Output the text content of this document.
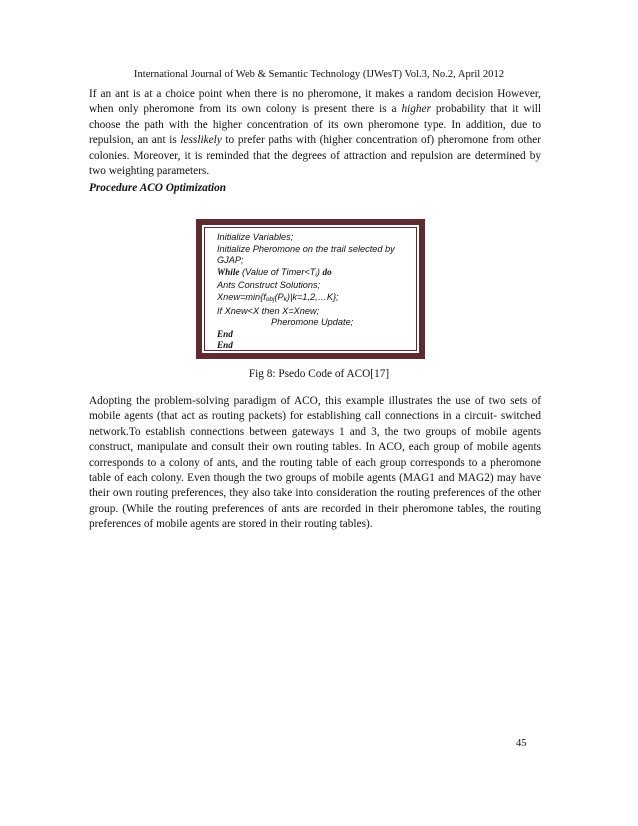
International Journal of Web & Semantic Technology (IJWesT) Vol.3, No.2, April 2012

If an ant is at a choice point when there is no pheromone, it makes a random decision However, when only pheromone from its own colony is present there is a higher probability that it will choose the path with the higher concentration of its own pheromone type. In addition, due to repulsion, an ant is lesslikely to prefer paths with (higher concentration of) pheromone from other colonies. Moreover, it is reminded that the degrees of attraction and repulsion are determined by two weighting parameters.

Procedure ACO Optimization

Initialize Variables;
Initialize Pheromone on the trail selected by GJAP;
While (Value of $Timer<T_i$) do
Ants Construct Solutions;
$Xnew=\min\{f_{obj}(P_k)|k=1,2,\dots K\}$;
If Xnew<X then X=Xnew;
Pheromone Update;
End
End

Fig 8: Psedo Code of ACO[17]

Adopting the problem-solving paradigm of ACO, this example illustrates the use of two sets of mobile agents (that act as routing packets) for establishing call connections in a circuit- switched network.To establish connections between gateways 1 and 3, the two groups of mobile agents construct, manipulate and consult their own routing tables. In ACO, each group of mobile agents corresponds to a colony of ants, and the routing table of each group corresponds to a pheromone table of each colony. Even though the two groups of mobile agents (MAG1 and MAG2) may have their own routing preferences, they also take into consideration the routing preferences of the other group. (While the routing preferences of ants are recorded in their pheromone tables, the routing preferences of mobile agents are stored in their routing tables).

45
